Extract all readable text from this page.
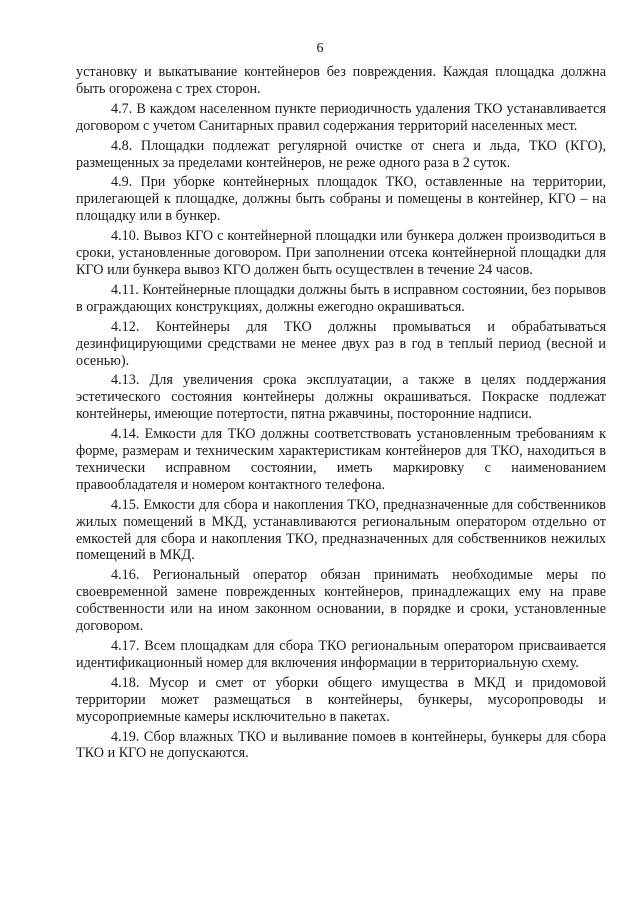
6

установку и выкатывание контейнеров без повреждения. Каждая площадка должна быть огорожена с трех сторон.

4.7. В каждом населенном пункте периодичность удаления ТКО устанавливается договором с учетом Санитарных правил содержания территорий населенных мест.

4.8. Площадки подлежат регулярной очистке от снега и льда, ТКО (КГО), размещенных за пределами контейнеров, не реже одного раза в 2 суток.

4.9. При уборке контейнерных площадок ТКО, оставленные на территории, прилегающей к площадке, должны быть собраны и помещены в контейнер, КГО – на площадку или в бункер.

4.10. Вывоз КГО с контейнерной площадки или бункера должен производиться в сроки, установленные договором. При заполнении отсека контейнерной площадки для КГО или бункера вывоз КГО должен быть осуществлен в течение 24 часов.

4.11. Контейнерные площадки должны быть в исправном состоянии, без порывов в ограждающих конструкциях, должны ежегодно окрашиваться.

4.12. Контейнеры для ТКО должны промываться и обрабатываться дезинфицирующими средствами не менее двух раз в год в теплый период (весной и осенью).

4.13. Для увеличения срока эксплуатации, а также в целях поддержания эстетического состояния контейнеры должны окрашиваться. Покраске подлежат контейнеры, имеющие потертости, пятна ржавчины, посторонние надписи.

4.14. Емкости для ТКО должны соответствовать установленным требованиям к форме, размерам и техническим характеристикам контейнеров для ТКО, находиться в технически исправном состоянии, иметь маркировку с наименованием правообладателя и номером контактного телефона.

4.15. Емкости для сбора и накопления ТКО, предназначенные для собственников жилых помещений в МКД, устанавливаются региональным оператором отдельно от емкостей для сбора и накопления ТКО, предназначенных для собственников нежилых помещений в МКД.

4.16. Региональный оператор обязан принимать необходимые меры по своевременной замене поврежденных контейнеров, принадлежащих ему на праве собственности или на ином законном основании, в порядке и сроки, установленные договором.

4.17. Всем площадкам для сбора ТКО региональным оператором присваивается идентификационный номер для включения информации в территориальную схему.

4.18. Мусор и смет от уборки общего имущества в МКД и придомовой территории может размещаться в контейнеры, бункеры, мусоропроводы и мусороприемные камеры исключительно в пакетах.

4.19. Сбор влажных ТКО и выливание помоев в контейнеры, бункеры для сбора ТКО и КГО не допускаются.
